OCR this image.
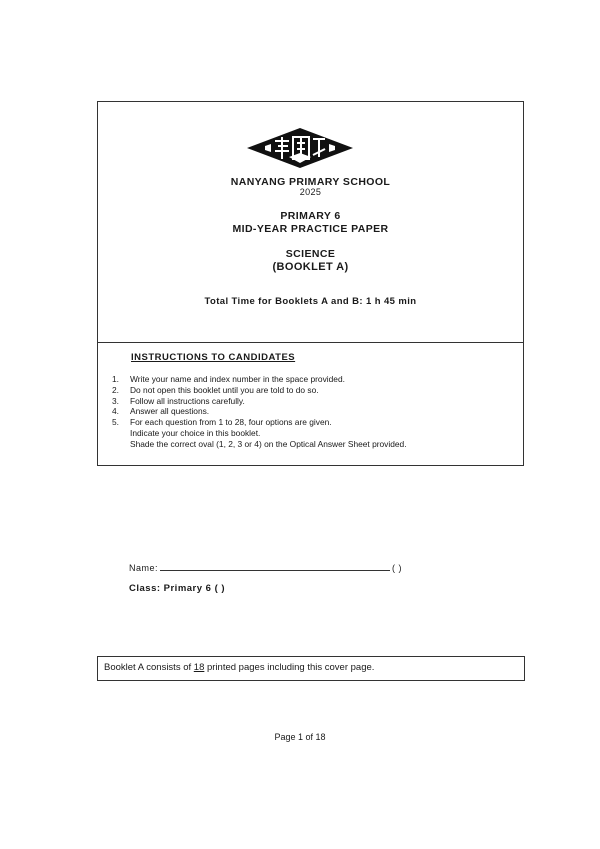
NANYANG PRIMARY SCHOOL
2025
PRIMARY 6
MID-YEAR PRACTICE PAPER
SCIENCE
(BOOKLET A)
Total Time for Booklets A and B: 1 h 45 min
INSTRUCTIONS TO CANDIDATES
1.	Write your name and index number in the space provided.
2.	Do not open this booklet until you are told to do so.
3.	Follow all instructions carefully.
4.	Answer all questions.
5.	For each question from 1 to 28, four options are given.
Indicate your choice in this booklet.
Shade the correct oval (1, 2, 3 or 4) on the Optical Answer Sheet provided.
Name:	( )
Class: Primary 6 ( )
Booklet A consists of 18 printed pages including this cover page.
Page 1 of 18
